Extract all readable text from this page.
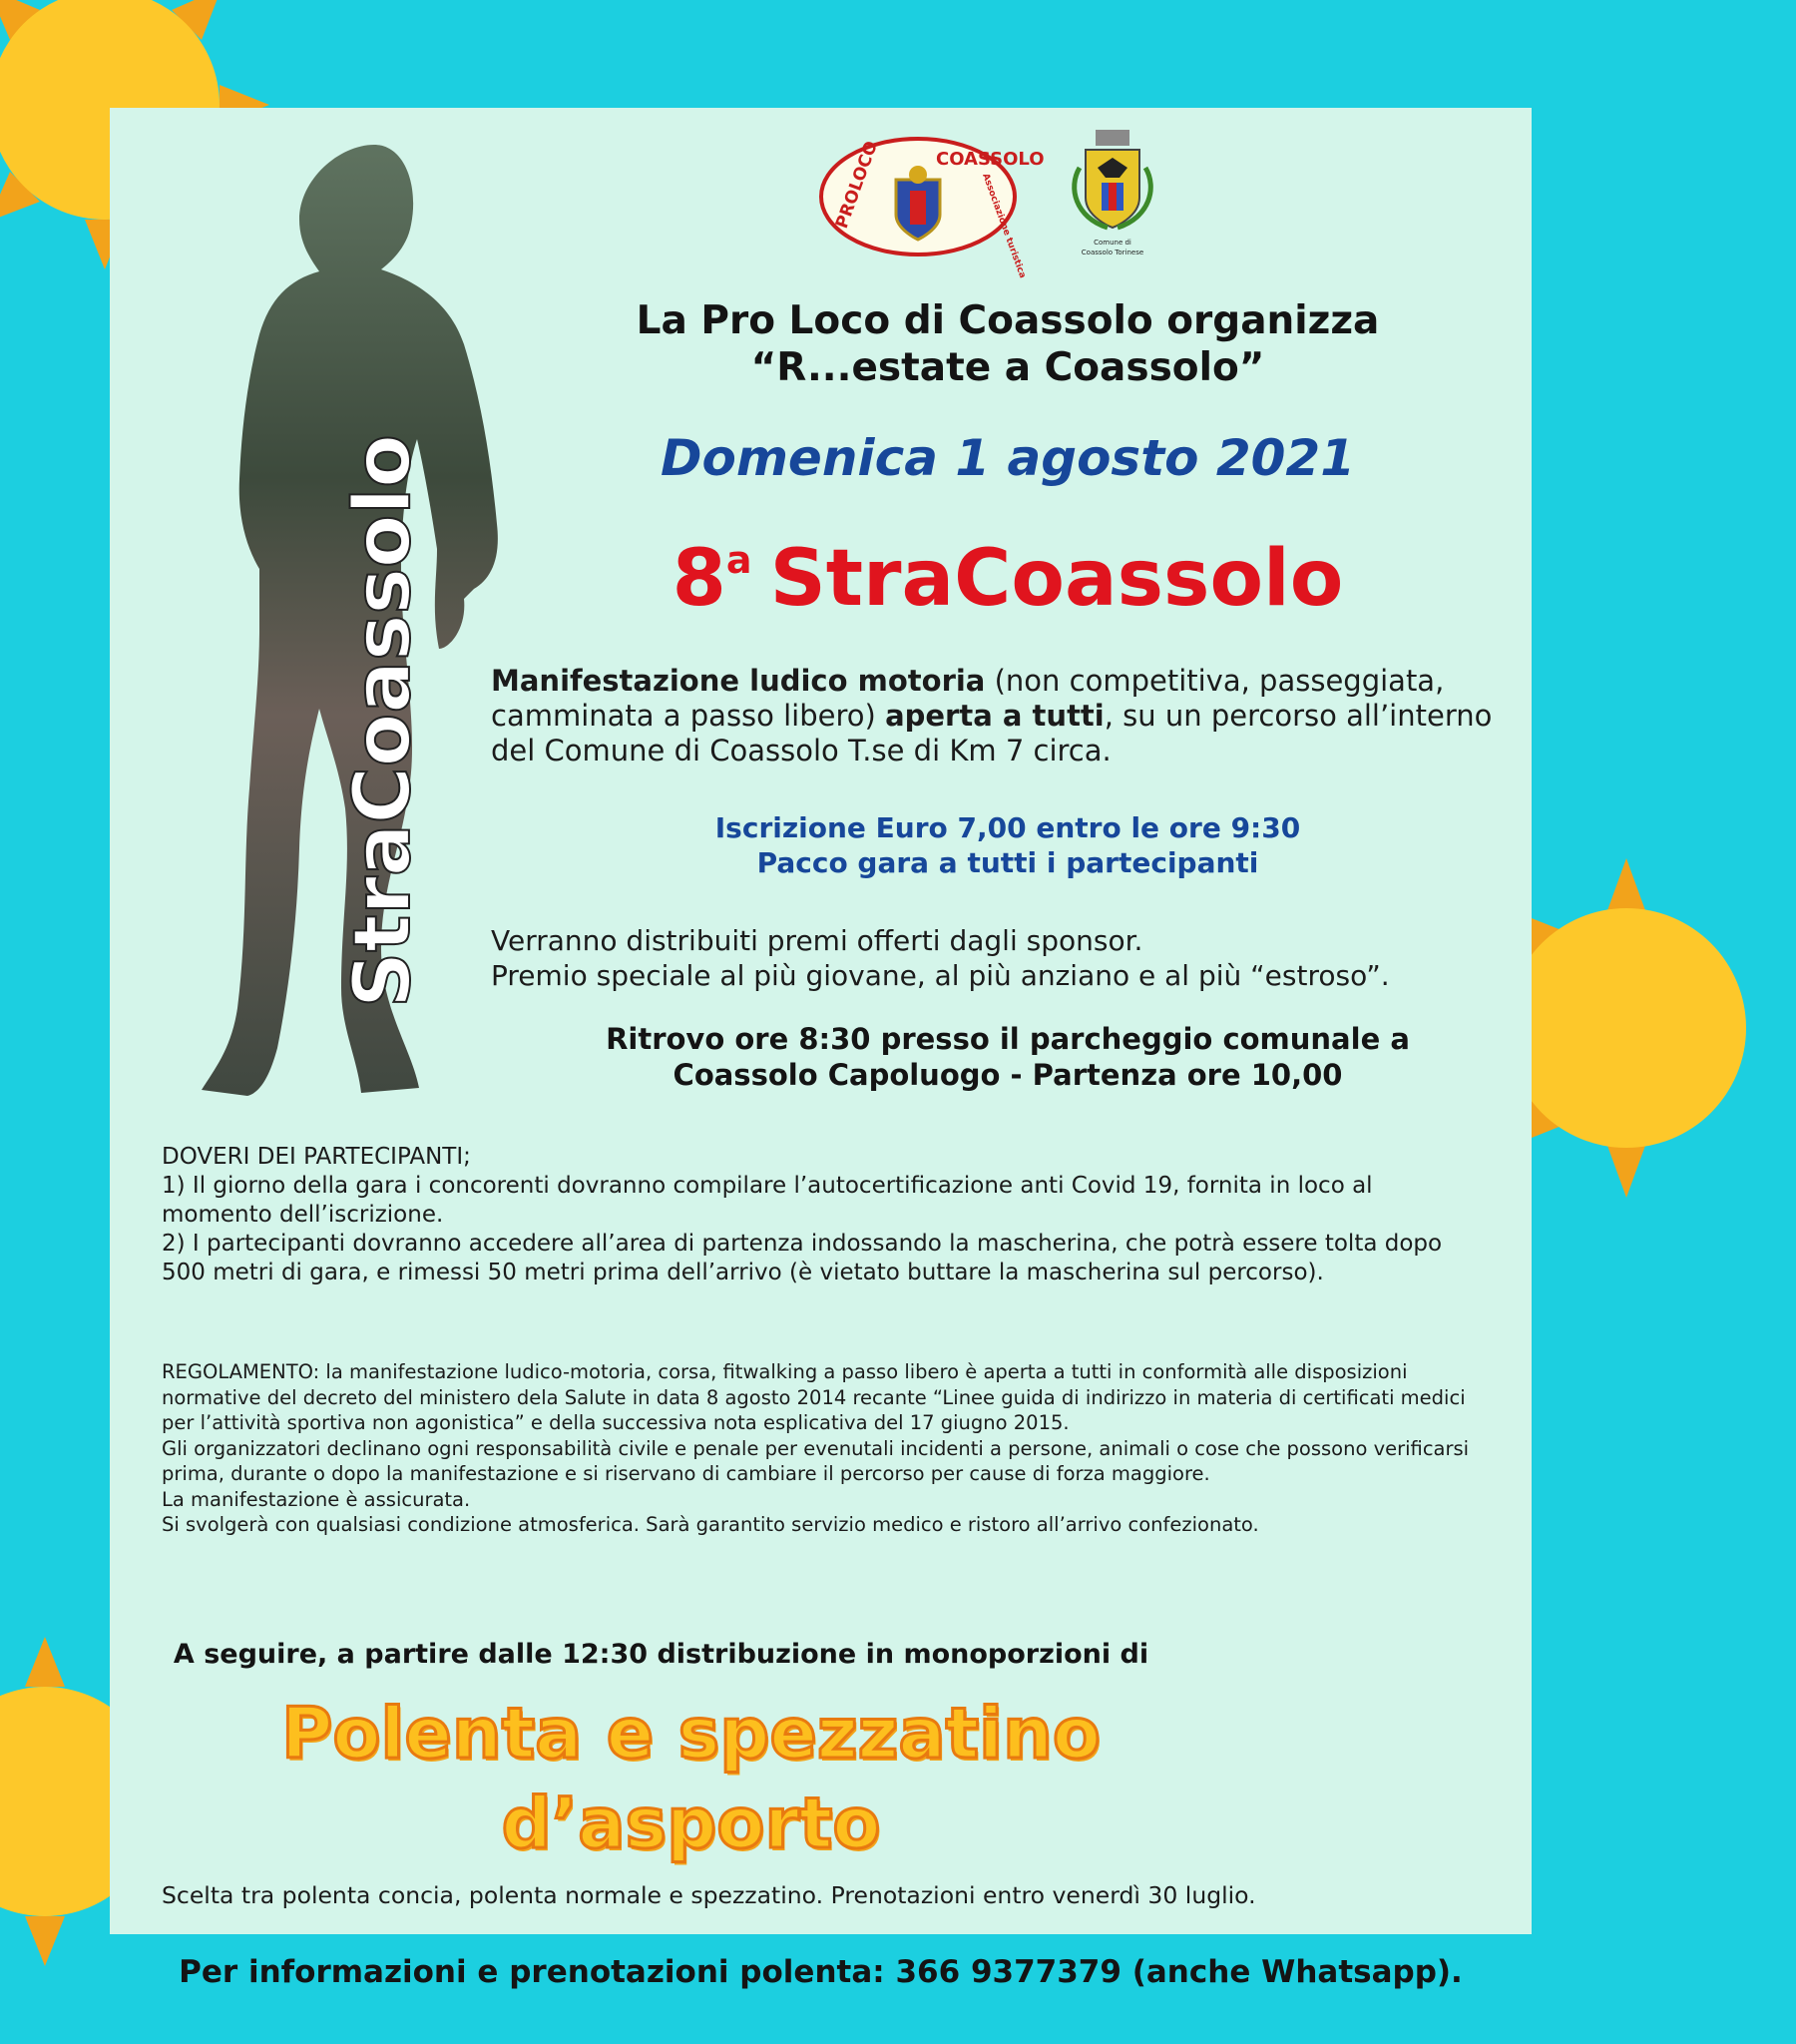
StraCoassolo
COASSOLO
PROLOCO	Associazione turistica	Comune di
Coassolo Torinese

La Pro Loco di Coassolo organizza

“R...estate a Coassolo”

Domenica 1 agosto 2021
8$^a$ StraCoassolo
Manifestazione ludico motoria (non competitiva, passeggiata, camminata a passo libero) aperta a tutti, su un percorso all’interno del Comune di Coassolo T.se di Km 7 circa.

Iscrizione Euro 7,00 entro le ore 9:30

Pacco gara a tutti i partecipanti

Verranno distribuiti premi offerti dagli sponsor.

Premio speciale al più giovane, al più anziano e al più “estroso”.

Ritrovo ore 8:30 presso il parcheggio comunale a

Coassolo Capoluogo - Partenza ore 10,00

DOVERI DEI PARTECIPANTI;

1) Il giorno della gara i concorenti dovranno compilare l’autocertificazione anti Covid 19, fornita in loco al momento dell’iscrizione.

2) I partecipanti dovranno accedere all’area di partenza indossando la mascherina, che potrà essere tolta dopo 500 metri di gara, e rimessi 50 metri prima dell’arrivo (è vietato buttare la mascherina sul percorso).

REGOLAMENTO: la manifestazione ludico-motoria, corsa, fitwalking a passo libero è aperta a tutti in conformità alle disposizioni normative del decreto del ministero dela Salute in data 8 agosto 2014 recante “Linee guida di indirizzo in materia di certificati medici per l’attività sportiva non agonistica” e della successiva nota esplicativa del 17 giugno 2015.

Gli organizzatori declinano ogni responsabilità civile e penale per evenutali incidenti a persone, animali o cose che possono verificarsi prima, durante o dopo la manifestazione e si riservano di cambiare il percorso per cause di forza maggiore.

La manifestazione è assicurata.

Si svolgerà con qualsiasi condizione atmosferica. Sarà garantito servizio medico e ristoro all’arrivo confezionato.

A seguire, a partire dalle 12:30 distribuzione in monoporzioni di

Polenta e spezzatino

d’asporto

Scelta tra polenta concia, polenta normale e spezzatino. Prenotazioni entro venerdì 30 luglio.
Per informazioni e prenotazioni polenta: 366 9377379 (anche Whatsapp).
